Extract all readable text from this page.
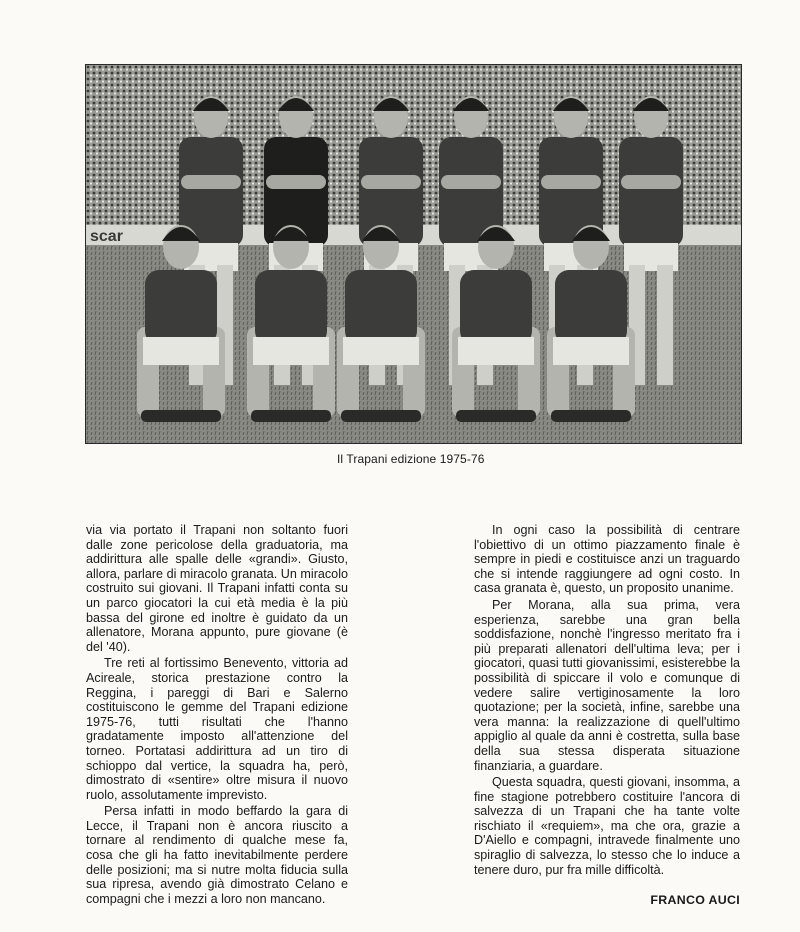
scar
Il Trapani edizione 1975-76

via via portato il Trapani non soltanto fuori dalle zone pericolose della graduatoria, ma addirittura alle spalle delle «grandi». Giusto, allora, parlare di miracolo granata. Un miracolo costruito sui giovani. Il Trapani infatti conta su un parco giocatori la cui età media è la più bassa del girone ed inoltre è guidato da un allenatore, Morana appunto, pure giovane (è del '40).

Tre reti al fortissimo Benevento, vittoria ad Acireale, storica prestazione contro la Reggina, i pareggi di Bari e Salerno costituiscono le gemme del Trapani edizione 1975-76, tutti risultati che l'hanno gradatamente imposto all'attenzione del torneo. Portatasi addirittura ad un tiro di schioppo dal vertice, la squadra ha, però, dimostrato di «sentire» oltre misura il nuovo ruolo, assolutamente imprevisto.

Persa infatti in modo beffardo la gara di Lecce, il Trapani non è ancora riuscito a tornare al rendimento di qualche mese fa, cosa che gli ha fatto inevitabilmente perdere delle posizioni; ma si nutre molta fiducia sulla sua ripresa, avendo già dimostrato Celano e compagni che i mezzi a loro non mancano.

In ogni caso la possibilità di centrare l'obiettivo di un ottimo piazzamento finale è sempre in piedi e costituisce anzi un traguardo che si intende raggiungere ad ogni costo. In casa granata è, questo, un proposito unanime.

Per Morana, alla sua prima, vera esperienza, sarebbe una gran bella soddisfazione, nonchè l'ingresso meritato fra i più preparati allenatori dell'ultima leva; per i giocatori, quasi tutti giovanissimi, esisterebbe la possibilità di spiccare il volo e comunque di vedere salire vertiginosamente la loro quotazione; per la società, infine, sarebbe una vera manna: la realizzazione di quell'ultimo appiglio al quale da anni è costretta, sulla base della sua stessa disperata situazione finanziaria, a guardare.

Questa squadra, questi giovani, insomma, a fine stagione potrebbero costituire l'ancora di salvezza di un Trapani che ha tante volte rischiato il «requiem», ma che ora, grazie a D'Aiello e compagni, intravede finalmente uno spiraglio di salvezza, lo stesso che lo induce a tenere duro, pur fra mille difficoltà.

FRANCO AUCI
